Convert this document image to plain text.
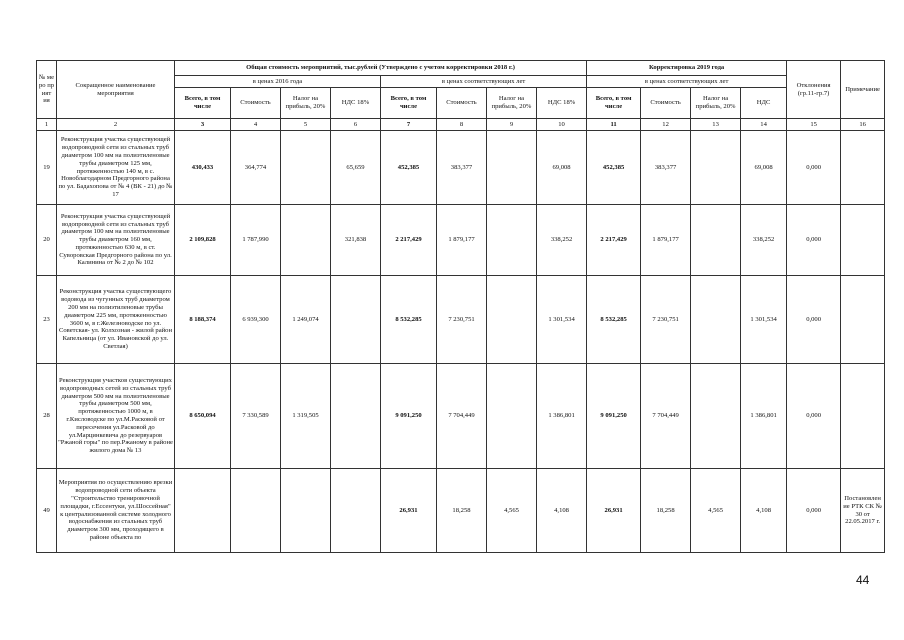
№ ме ро пр ият ия	Сокращенное наименование мероприятия	Общая стоимость мероприятий, тыс.рублей (Утверждено с учетом корректировки 2018 г.)								Корректировка 2019 года				Отклонения (гр.11-гр.7)	Примечание
		в ценах 2016 года				в ценах соответствующих лет				в ценах соответствующих лет					
		Всего, в том числе	Стоимость	Налог на прибыль, 20%	НДС 18%	Всего, в том числе	Стоимость	Налог на прибыль, 20%	НДС 18%	Всего, в том числе	Стоимость	Налог на прибыль, 20%	НДС		
1	2	3	4	5	6	7	8	9	10	11	12	13	14	15	16
19	Реконструкция участка существующей водопроводной сети из стальных труб диаметром 100 мм на полиэтиленовые трубы диаметром 125 мм, протяженностью 140 м, в с. Новоблагодарном Предгорного района по ул. Бадахопова от № 4 (ВК - 21) до № 17	430,433	364,774		65,659	452,385	383,377		69,008	452,385	383,377		69,008	0,000	
20	Реконструкция участка существующей водопроводной сети из стальных труб диаметром 100 мм на полиэтиленовые трубы диаметром 160 мм, протяженностью 630 м, в ст. Суворовская Предгорного района по ул. Калинина от № 2 до № 102	2 109,828	1 787,990		321,838	2 217,429	1 879,177		338,252	2 217,429	1 879,177		338,252	0,000	
23	Реконструкция участка существующего водовода из чугунных труб диаметром 200 мм на полиэтиленовые трубы диаметром 225 мм, протяженностью 3600 м, в г.Железноводске по ул. Советская- ул. Колхозная - жилой район Капельница (от ул. Ивановской до ул. Светлая)	8 188,374	6 939,300	1 249,074		8 532,285	7 230,751		1 301,534	8 532,285	7 230,751		1 301,534	0,000	
28	Реконструкция участков существующих водопроводных сетей из стальных труб диаметром 500 мм на полиэтиленовые трубы диаметром 500 мм, протяженностью 1000 м, в г.Кисловодске по ул.М.Расковой от пересечения ул.Расковой до ул.Марцинкевича до резервуаров "Ржаной горы" по пер.Ржаному в районе жилого дома № 13	8 650,094	7 330,589	1 319,505		9 091,250	7 704,449		1 386,801	9 091,250	7 704,449		1 386,801	0,000	
49	Мероприятия по осуществлению врезки водопроводной сети объекта "Строительство тренировочной площадки, г.Ессентуки, ул.Шоссейная" к централизованной системе холодного водоснабжения из стальных труб диаметром 300 мм, проходящего в районе объекта по					26,931	18,258	4,565	4,108	26,931	18,258	4,565	4,108	0,000	Постановлен ие РТК СК № 30 от 22.05.2017 г.
44
